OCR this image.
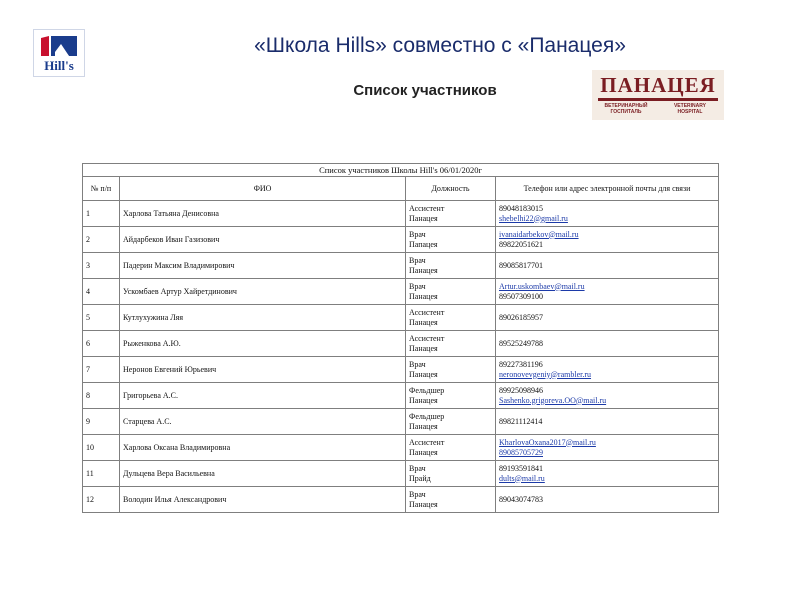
Hill's
«Школа Hills» совместно с «Панацея»
Список участников	ПАНАЦЕЯ
ВЕТЕРИНАРНЫЙ ГОСПИТАЛЬ
VETERINARY HOSPITAL
Список участников Школы Hill's 06/01/2020г			
№ п/п	ФИО	Должность	Телефон или адрес электронной почты для связи
1	Харлова Татьяна Денисовна	Ассистент
Панацея	89048183015
shebelhi22@gmail.ru

2	Айдарбеков Иван Газизович	Врач
Папацея	ivanaidarbekov@mail.ru
89822051621

3	Падерин Максим Владимирович	Врач
Панацея	89085817701

4	Ускомбаев Артур Хайретдинович	Врач
Панацея	Artur.uskombaev@mail.ru
89507309100

5	Кутлухужина Ляя	Ассистент
Панацея	89026185957

6	Рыженкова А.Ю.	Ассистент
Панацея	89525249788

7	Неронов Евгений Юрьевич	Врач
Панацея	89227381196
neronovevgeniy@rambler.ru

8	Григорьева А.С.	Фельдшер
Панацея	89925098946
Sashenko.grigoreva.OO@mail.ru

9	Старцева А.С.	Фельдшер
Панацея	89821112414

10	Харлова Оксана Владимировна	Ассистент
Панацея	KharlovaOxana2017@mail.ru
89085705729

11	Дульцева Вера Васильевна	Врач
Прайд	89193591841
dults@mail.ru

12	Володин Илья Александрович	Врач
Панацея	89043074783
